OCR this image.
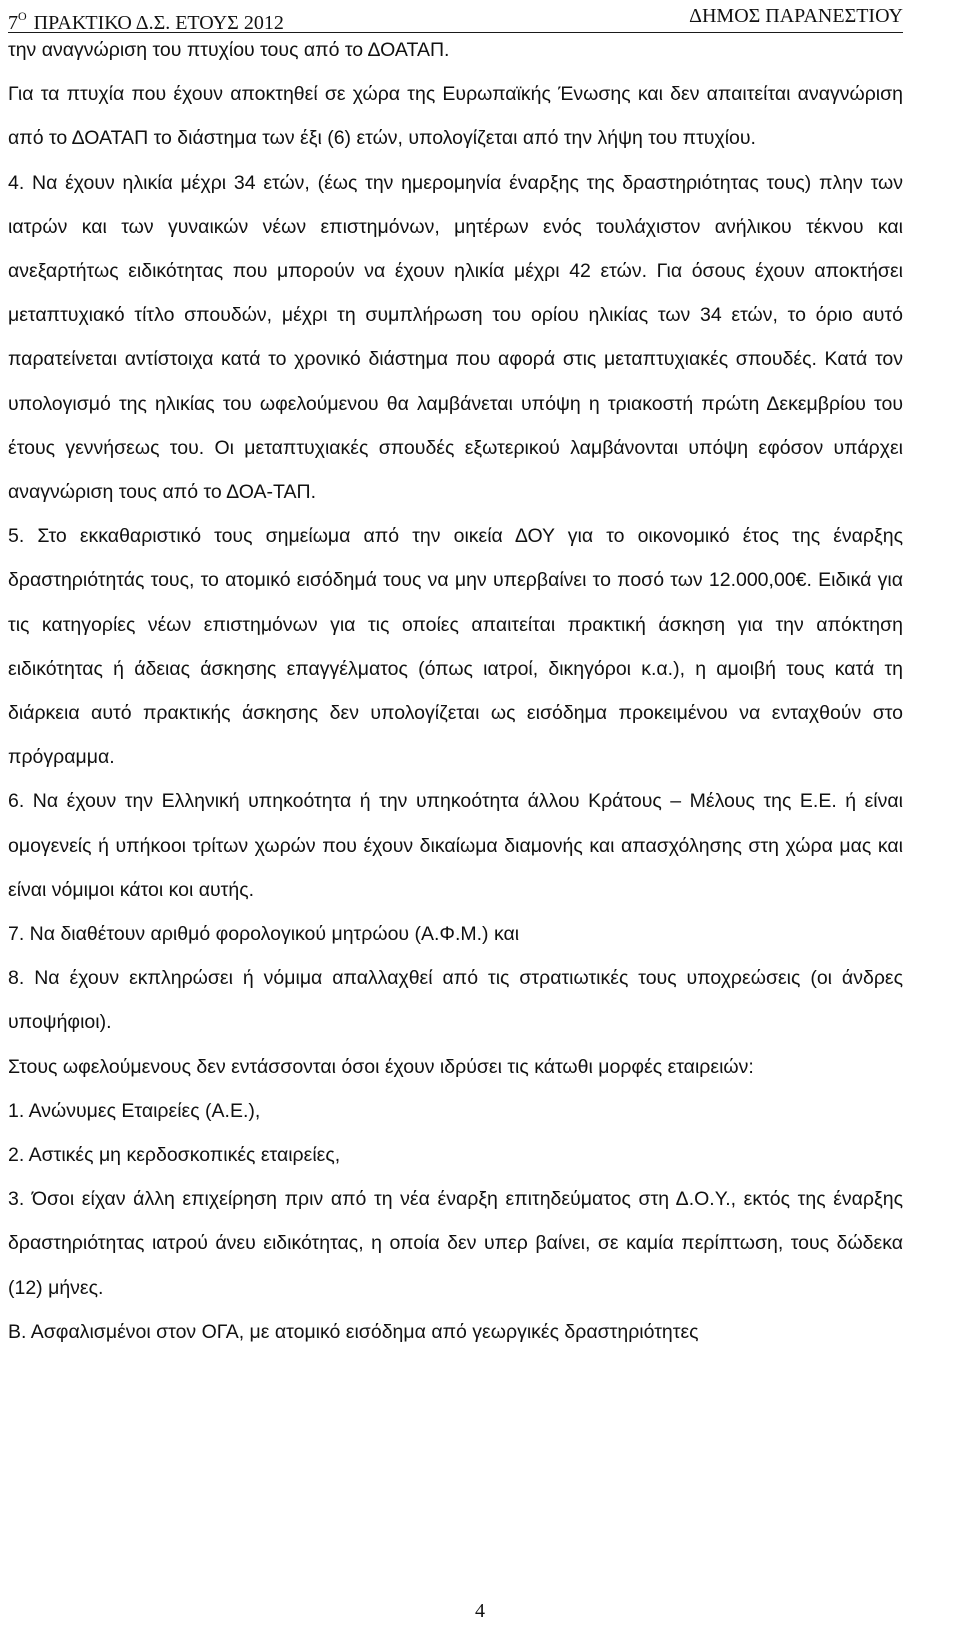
$7^O$ ΠΡΑΚΤΙΚΟ Δ.Σ. ΕΤΟΥΣ 2012	ΔΗΜΟΣ ΠΑΡΑΝΕΣΤΙΟΥ

την αναγνώριση του πτυχίου τους από το ΔΟΑΤΑΠ.

Για τα πτυχία που έχουν αποκτηθεί σε χώρα της Ευρωπαϊκής Ένωσης και δεν απαιτείται αναγνώριση από το ΔΟΑΤΑΠ το διάστημα των έξι (6) ετών, υπολογίζεται από την λήψη του πτυχίου.

4. Να έχουν ηλικία μέχρι 34 ετών, (έως την ημερομηνία έναρξης της δραστηριότητας τους) πλην των ιατρών και των γυναικών νέων επιστημόνων, μητέρων ενός τουλάχιστον ανήλικου τέκνου και ανεξαρτήτως ειδικότητας που μπορούν να έχουν ηλικία μέχρι 42 ετών. Για όσους έχουν αποκτήσει μεταπτυχιακό τίτλο σπουδών, μέχρι τη συμπλήρωση του ορίου ηλικίας των 34 ετών, το όριο αυτό παρατείνεται αντίστοιχα κατά το χρονικό διάστημα που αφορά στις μεταπτυχιακές σπουδές. Κατά τον υπολογισμό της ηλικίας του ωφελούμενου θα λαμβάνεται υπόψη η τριακοστή πρώτη Δεκεμβρίου του έτους γεννήσεως του. Οι μεταπτυχιακές σπουδές εξωτερικού λαμβάνονται υπόψη εφόσον υπάρχει αναγνώριση τους από το ΔΟΑ-ΤΑΠ.

5. Στο εκκαθαριστικό τους σημείωμα από την οικεία ΔΟΥ για το οικονομικό έτος της έναρξης δραστηριότητάς τους, το ατομικό εισόδημά τους να μην υπερβαίνει το ποσό των 12.000,00€. Ειδικά για τις κατηγορίες νέων επιστημόνων για τις οποίες απαιτείται πρακτική άσκηση για την απόκτηση ειδικότητας ή άδειας άσκησης επαγγέλματος (όπως ιατροί, δικηγόροι κ.α.), η αμοιβή τους κατά τη διάρκεια αυτό πρακτικής άσκησης δεν υπολογίζεται ως εισόδημα προκειμένου να ενταχθούν στο πρόγραμμα.

6. Να έχουν την Ελληνική υπηκοότητα ή την υπηκοότητα άλλου Κράτους – Μέλους της Ε.Ε. ή είναι ομογενείς ή υπήκοοι τρίτων χωρών που έχουν δικαίωμα διαμονής και απασχόλησης στη χώρα μας και είναι νόμιμοι κάτοι κοι αυτής.

7. Να διαθέτουν αριθμό φορολογικού μητρώου (Α.Φ.Μ.) και

8. Να έχουν εκπληρώσει ή νόμιμα απαλλαχθεί από τις στρατιωτικές τους υποχρεώσεις (οι άνδρες υποψήφιοι).

Στους ωφελούμενους δεν εντάσσονται όσοι έχουν ιδρύσει τις κάτωθι μορφές εταιρειών:

1. Ανώνυμες Εταιρείες (Α.Ε.),

2. Αστικές μη κερδοσκοπικές εταιρείες,

3. Όσοι είχαν άλλη επιχείρηση πριν από τη νέα έναρξη επιτηδεύματος στη Δ.Ο.Υ., εκτός της έναρξης δραστηριότητας ιατρού άνευ ειδικότητας, η οποία δεν υπερ βαίνει, σε καμία περίπτωση, τους δώδεκα (12) μήνες.

Β. Ασφαλισμένοι στον ΟΓΑ, με ατομικό εισόδημα από γεωργικές δραστηριότητες

4
